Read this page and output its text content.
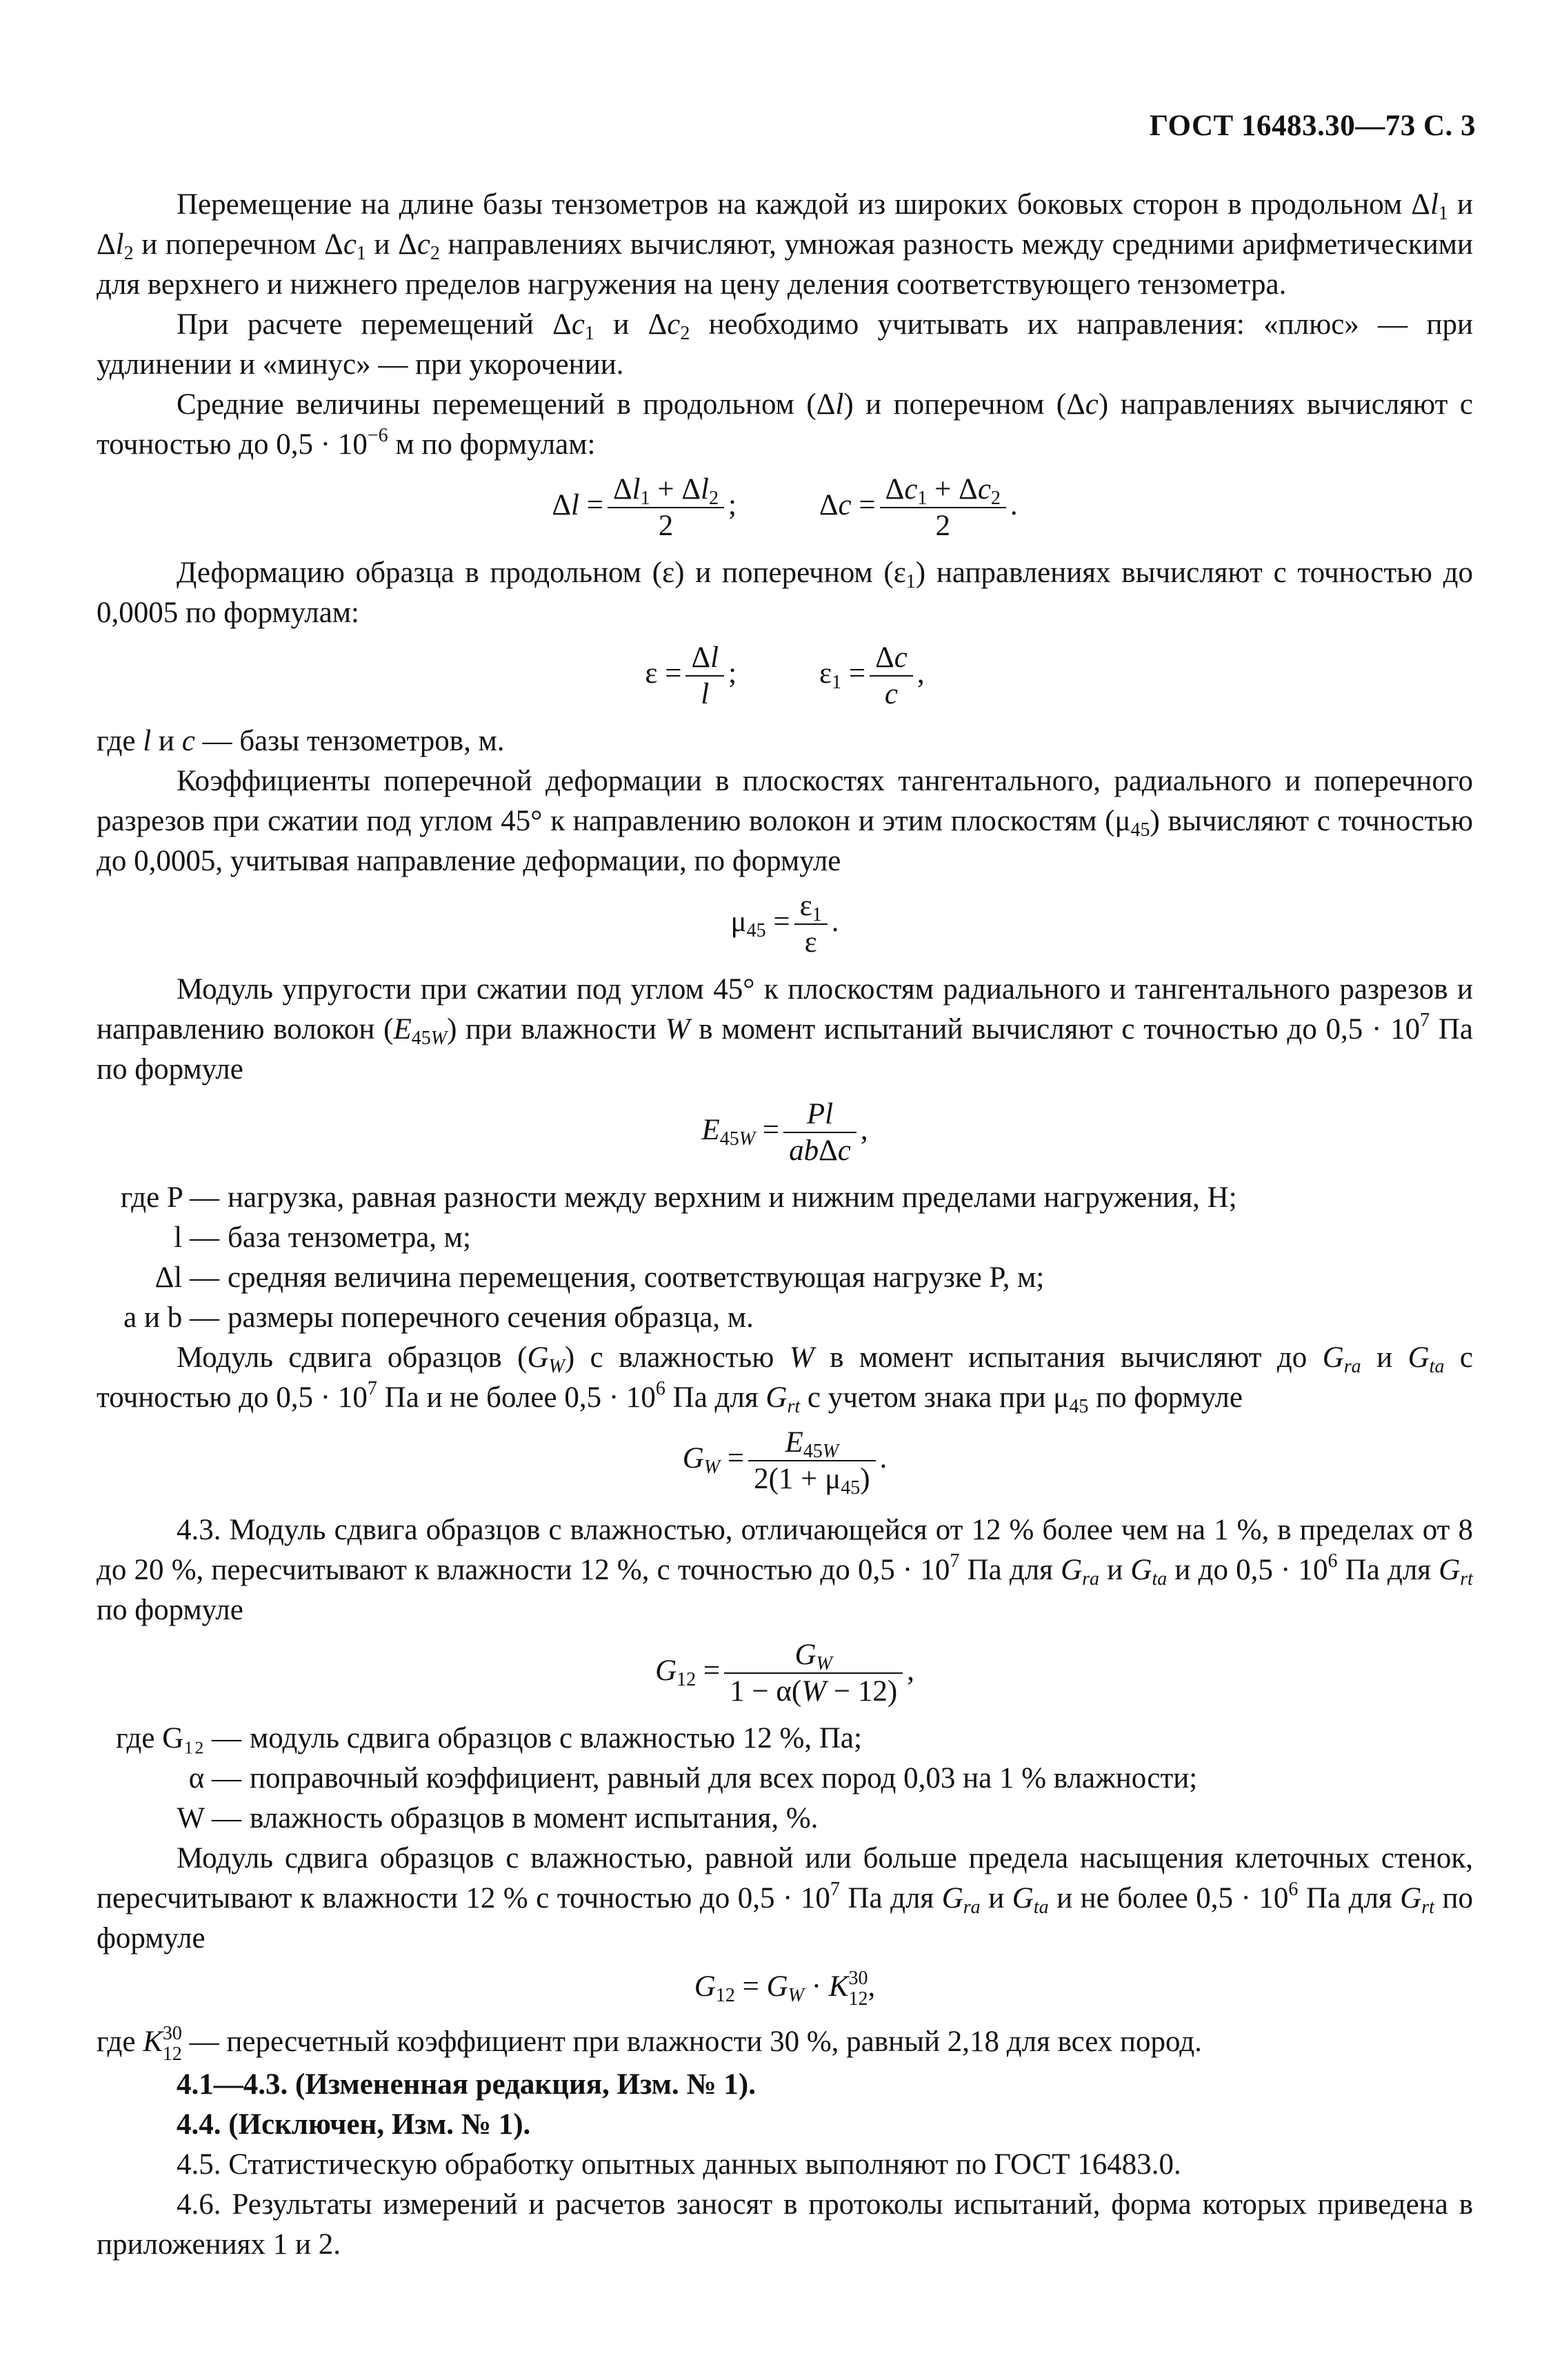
ГОСТ 16483.30—73 С. 3

Перемещение на длине базы тензометров на каждой из широких боковых сторон в продольном $\Delta l_1$ и $\Delta l_2$ и поперечном $\Delta c_1$ и $\Delta c_2$ направлениях вычисляют, умножая разность между средними арифметическими для верхнего и нижнего пределов нагружения на цену деления соответствующего тензометра.

При расчете перемещений $\Delta c_1$ и $\Delta c_2$ необходимо учитывать их направления: «плюс» — при удлинении и «минус» — при укорочении.

Средние величины перемещений в продольном (Δl) и поперечном (Δc) направлениях вычисляют с точностью до $0,5 \cdot 10^{-6}$ м по формулам:

$\Delta l = \frac{\Delta l_1 + \Delta l_2}{2}$ ;	$\Delta c = \frac{\Delta c_1 + \Delta c_2}{2}$ .

Деформацию образца в продольном (ε) и поперечном $(\varepsilon_1)$ направлениях вычисляют с точностью до 0,0005 по формулам:

$\varepsilon = \frac{\Delta l}{l}$ ;	$\varepsilon_1 = \frac{\Delta c}{c}$ ,

где l и c — базы тензометров, м.

Коэффициенты поперечной деформации в плоскостях тангентального, радиального и поперечного разрезов при сжатии под углом 45° к направлению волокон и этим плоскостям $(\mu_{45})$ вычисляют с точностью до 0,0005, учитывая направление деформации, по формуле

$\mu_{45} = \frac{\varepsilon_1}{\varepsilon}$ .

Модуль упругости при сжатии под углом 45° к плоскостям радиального и тангентального разрезов и направлению волокон $(E_{45W})$ при влажности W в момент испытаний вычисляют с точностью до $0,5 \cdot 10^7$ Па по формуле

$E_{45W} = \frac{Pl}{\text{abΔc}}$ ,
где P — нагрузка, равная разности между верхним и нижним пределами нагружения, Н;
l — база тензометра, м;
Δl — средняя величина перемещения, соответствующая нагрузке P, м;
a и b — размеры поперечного сечения образца, м.

Модуль сдвига образцов $(G_W)$ с влажностью W в момент испытания вычисляют до $G_{ra}$ и $G_{ta}$ с точностью до $0,5 \cdot 10^7$ Па и не более $0,5 \cdot 10^6$ Па для $G_{rt}$ с учетом знака при $\mu_{45}$ по формуле

$G_W = \frac{E_{45W}}{2(1 + \mu_{45})}$ .

4.3. Модуль сдвига образцов с влажностью, отличающейся от 12 % более чем на 1 %, в пределах от 8 до 20 %, пересчитывают к влажности 12 %, с точностью до $0,5 \cdot 10^7$ Па для $G_{ra}$ и $G_{ta}$ и до $0,5 \cdot 10^6$ Па для $G_{rt}$ по формуле

$G_{12} = \frac{G_W}{1 - \alpha(W - 12)}$ ,
где G₁₂ — модуль сдвига образцов с влажностью 12 %, Па;
α — поправочный коэффициент, равный для всех пород 0,03 на 1 % влажности;
W — влажность образцов в момент испытания, %.

Модуль сдвига образцов с влажностью, равной или больше предела насыщения клеточных стенок, пересчитывают к влажности 12 % с точностью до $0,5 \cdot 10^7$ Па для $G_{ra}$ и $G_{ta}$ и не более $0,5 \cdot 10^6$ Па для $G_{rt}$ по формуле

$G_{12} = G_W \cdot K$ 30
12 ,

где K 30
12 — пересчетный коэффициент при влажности 30 %, равный 2,18 для всех пород.

4.1—4.3. (Измененная редакция, Изм. № 1).

4.4. (Исключен, Изм. № 1).

4.5. Статистическую обработку опытных данных выполняют по ГОСТ 16483.0.

4.6. Результаты измерений и расчетов заносят в протоколы испытаний, форма которых приведена в приложениях 1 и 2.
